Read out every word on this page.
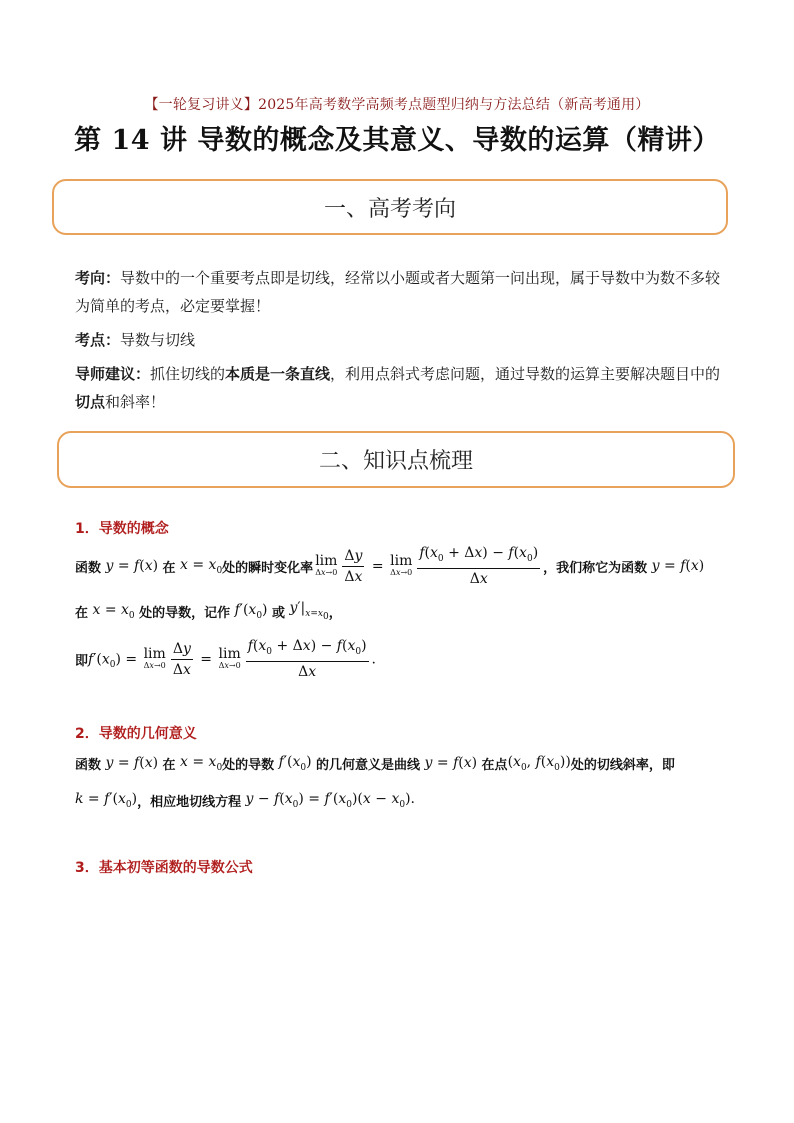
【一轮复习讲义】2025年高考数学高频考点题型归纳与方法总结（新高考通用）
第 14 讲 导数的概念及其意义、导数的运算（精讲）
一、高考考向
考向：导数中的一个重要考点即是切线，经常以小题或者大题第一问出现，属于导数中为数不多较为简单的考点，必定要掌握！
考点：导数与切线
导师建议：抓住切线的本质是一条直线，利用点斜式考虑问题，通过导数的运算主要解决题目中的切点和斜率！
二、知识点梳理
1．导数的概念
函数 y = f(x) 在 $x = x_0$ 处的瞬时变化率 lim
$\Delta x\to 0 \frac{\Delta y}{\Delta x} = \lim$
$\Delta x\to 0 \frac{f(x_0 + \Delta x) - f(x_0)}{\Delta x}$ ，我们称它为函数 y = f(x)
在 $x = x_0$ 处的导数，记作 $f'(x_0)$ 或 $y'|_{x=x_0}$ ，
即 $f'(x_0) = \lim$
$\Delta x\to 0 \frac{\Delta y}{\Delta x} = \lim$
$\Delta x\to 0 \frac{f(x_0 + \Delta x) - f(x_0)}{\Delta x}$ .
2．导数的几何意义
函数 y = f(x) 在 $x = x_0$ 处的导数 $f'(x_0)$ 的几何意义是曲线 y = f(x) 在点 ($x_0$, $f(x_0)$) 处的切线斜率，即
$k = f'(x_0)$ ，相应地切线方程 $y - f(x_0) = f'(x_0)(x - x_0)$.
3．基本初等函数的导数公式
